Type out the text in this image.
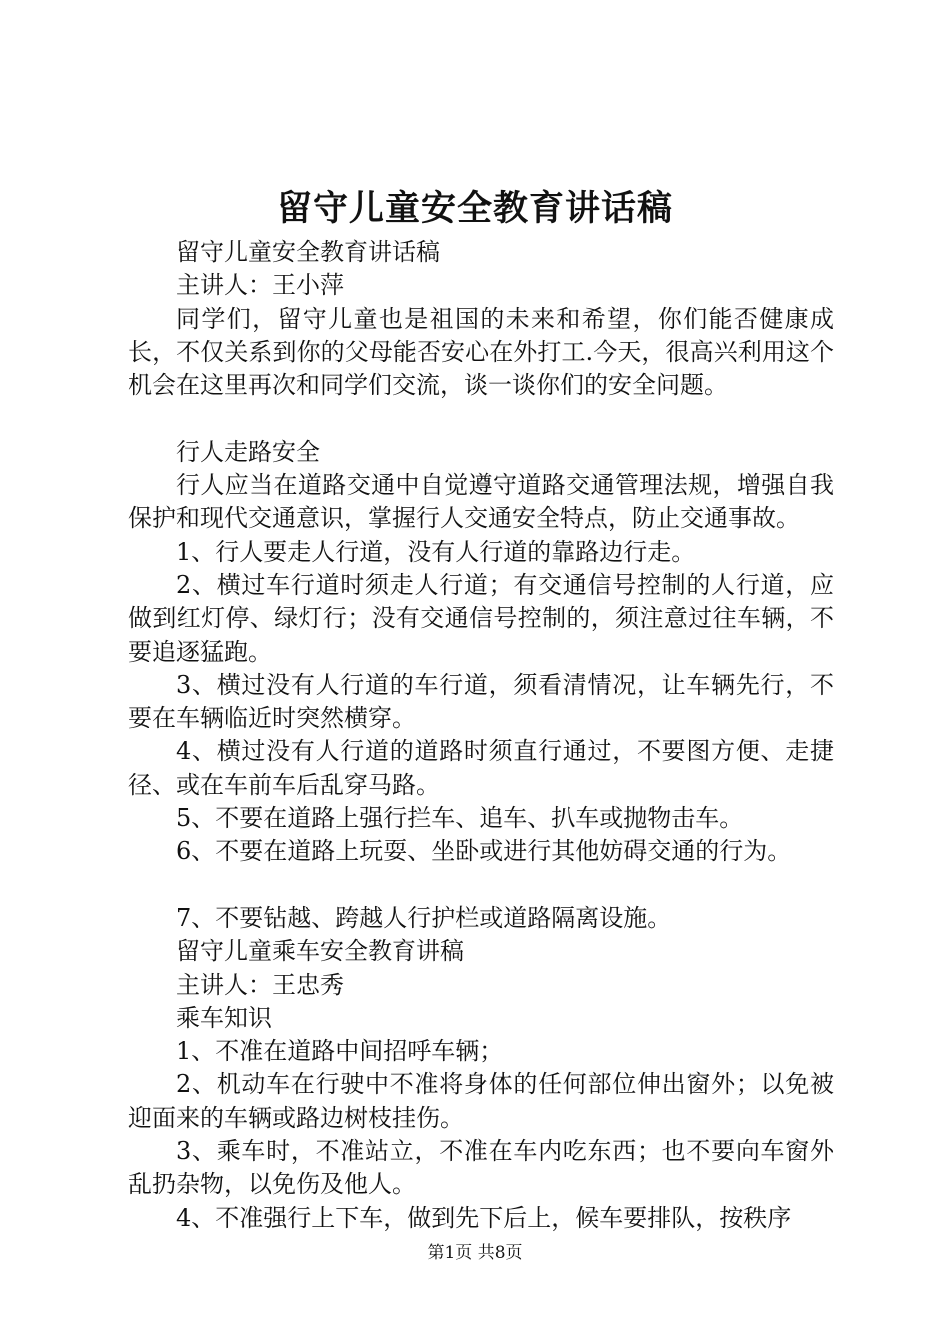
留守儿童安全教育讲话稿

留守儿童安全教育讲话稿

主讲人：王小萍

同学们，留守儿童也是祖国的未来和希望，你们能否健康成长，不仅关系到你的父母能否安心在外打工.今天，很高兴利用这个机会在这里再次和同学们交流，谈一谈你们的安全问题。

行人走路安全

行人应当在道路交通中自觉遵守道路交通管理法规，增强自我保护和现代交通意识，掌握行人交通安全特点，防止交通事故。

1、行人要走人行道，没有人行道的靠路边行走。

2、横过车行道时须走人行道；有交通信号控制的人行道，应做到红灯停、绿灯行；没有交通信号控制的，须注意过往车辆，不要追逐猛跑。

3、横过没有人行道的车行道，须看清情况，让车辆先行，不要在车辆临近时突然横穿。

4、横过没有人行道的道路时须直行通过，不要图方便、走捷径、或在车前车后乱穿马路。

5、不要在道路上强行拦车、追车、扒车或抛物击车。

6、不要在道路上玩耍、坐卧或进行其他妨碍交通的行为。

7、不要钻越、跨越人行护栏或道路隔离设施。

留守儿童乘车安全教育讲稿

主讲人：王忠秀

乘车知识

1、不准在道路中间招呼车辆；

2、机动车在行驶中不准将身体的任何部位伸出窗外；以免被迎面来的车辆或路边树枝挂伤。

3、乘车时，不准站立，不准在车内吃东西；也不要向车窗外乱扔杂物，以免伤及他人。

4、不准强行上下车，做到先下后上，候车要排队，按秩序

第1页 共8页
